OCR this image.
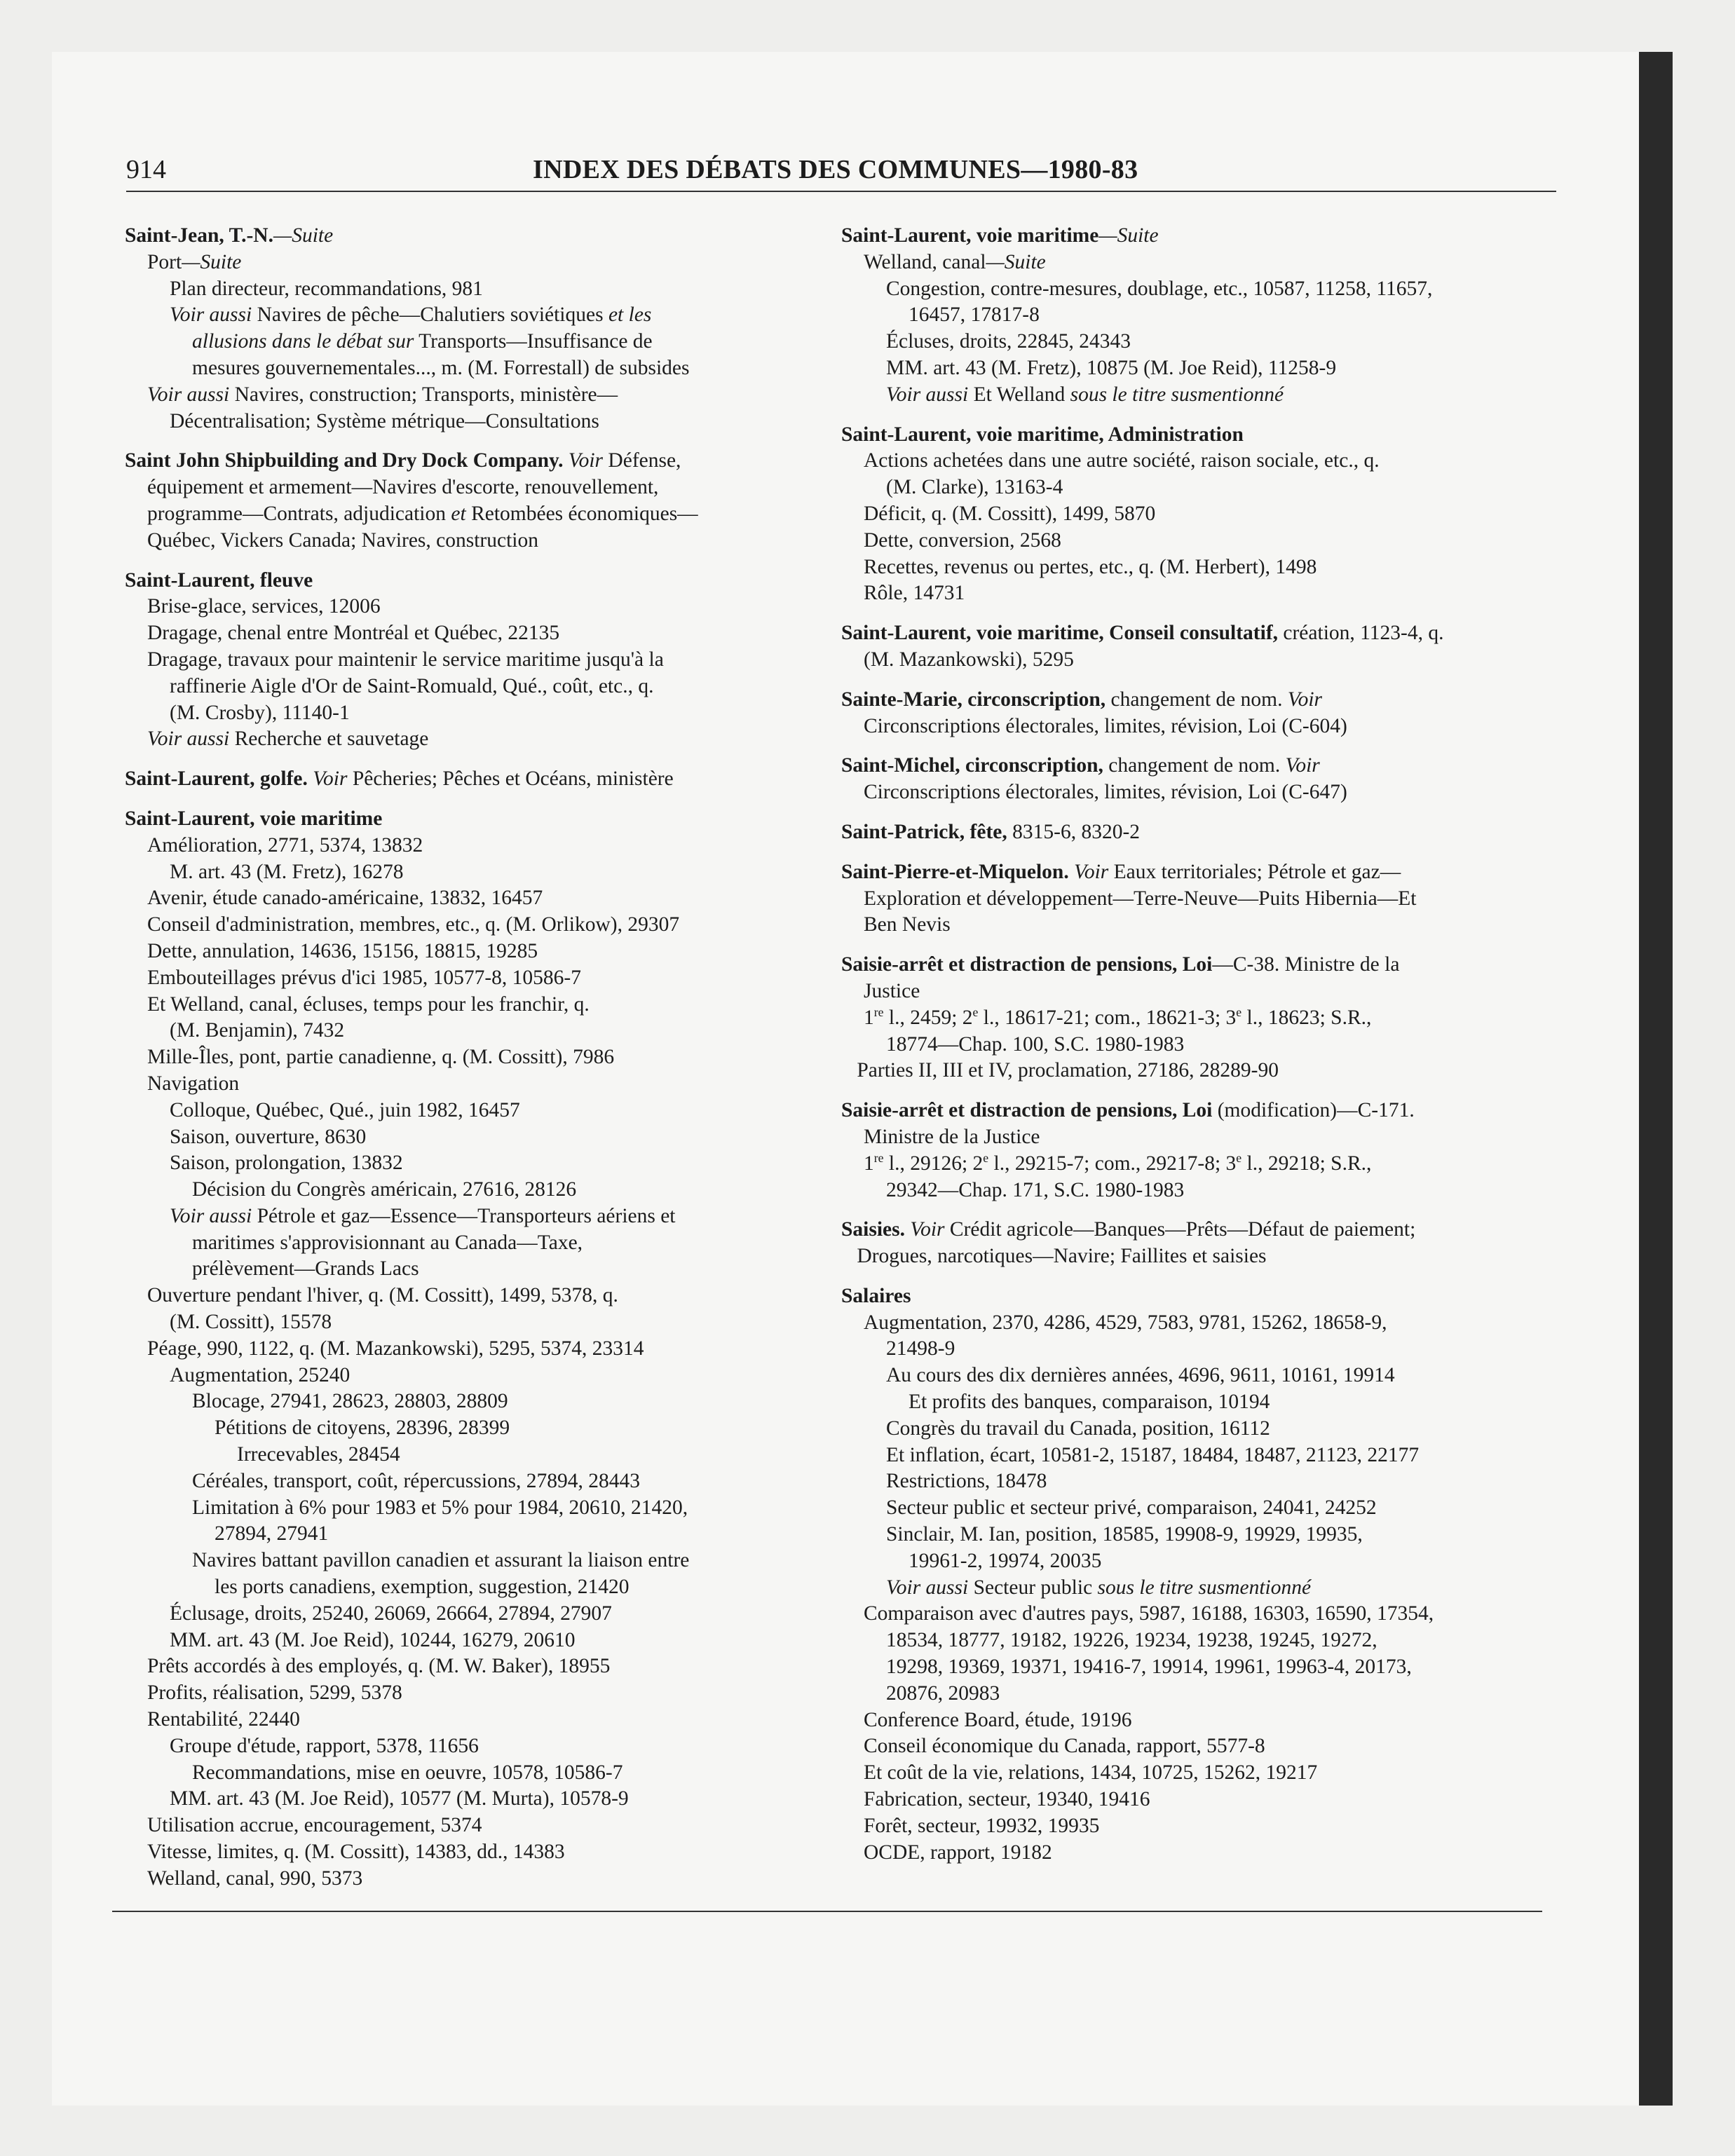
914	INDEX DES DÉBATS DES COMMUNES—1980-83
Saint-Jean, T.-N.—Suite
Port—Suite
Plan directeur, recommandations, 981
Voir aussi Navires de pêche—Chalutiers soviétiques et les
allusions dans le débat sur Transports—Insuffisance de
mesures gouvernementales..., m. (M. Forrestall) de subsides
Voir aussi Navires, construction; Transports, ministère—
Décentralisation; Système métrique—Consultations
Saint John Shipbuilding and Dry Dock Company. Voir Défense,
équipement et armement—Navires d'escorte, renouvellement,
programme—Contrats, adjudication et Retombées économiques—
Québec, Vickers Canada; Navires, construction
Saint-Laurent, fleuve
Brise-glace, services, 12006
Dragage, chenal entre Montréal et Québec, 22135
Dragage, travaux pour maintenir le service maritime jusqu'à la
raffinerie Aigle d'Or de Saint-Romuald, Qué., coût, etc., q.
(M. Crosby), 11140-1
Voir aussi Recherche et sauvetage
Saint-Laurent, golfe. Voir Pêcheries; Pêches et Océans, ministère
Saint-Laurent, voie maritime
Amélioration, 2771, 5374, 13832
M. art. 43 (M. Fretz), 16278
Avenir, étude canado-américaine, 13832, 16457
Conseil d'administration, membres, etc., q. (M. Orlikow), 29307
Dette, annulation, 14636, 15156, 18815, 19285
Embouteillages prévus d'ici 1985, 10577-8, 10586-7
Et Welland, canal, écluses, temps pour les franchir, q.
(M. Benjamin), 7432
Mille-Îles, pont, partie canadienne, q. (M. Cossitt), 7986
Navigation
Colloque, Québec, Qué., juin 1982, 16457
Saison, ouverture, 8630
Saison, prolongation, 13832
Décision du Congrès américain, 27616, 28126
Voir aussi Pétrole et gaz—Essence—Transporteurs aériens et
maritimes s'approvisionnant au Canada—Taxe,
prélèvement—Grands Lacs
Ouverture pendant l'hiver, q. (M. Cossitt), 1499, 5378, q.
(M. Cossitt), 15578
Péage, 990, 1122, q. (M. Mazankowski), 5295, 5374, 23314
Augmentation, 25240
Blocage, 27941, 28623, 28803, 28809
Pétitions de citoyens, 28396, 28399
Irrecevables, 28454
Céréales, transport, coût, répercussions, 27894, 28443
Limitation à 6% pour 1983 et 5% pour 1984, 20610, 21420,
27894, 27941
Navires battant pavillon canadien et assurant la liaison entre
les ports canadiens, exemption, suggestion, 21420
Éclusage, droits, 25240, 26069, 26664, 27894, 27907
MM. art. 43 (M. Joe Reid), 10244, 16279, 20610
Prêts accordés à des employés, q. (M. W. Baker), 18955
Profits, réalisation, 5299, 5378
Rentabilité, 22440
Groupe d'étude, rapport, 5378, 11656
Recommandations, mise en oeuvre, 10578, 10586-7
MM. art. 43 (M. Joe Reid), 10577 (M. Murta), 10578-9
Utilisation accrue, encouragement, 5374
Vitesse, limites, q. (M. Cossitt), 14383, dd., 14383
Welland, canal, 990, 5373
Saint-Laurent, voie maritime—Suite
Welland, canal—Suite
Congestion, contre-mesures, doublage, etc., 10587, 11258, 11657,
16457, 17817-8
Écluses, droits, 22845, 24343
MM. art. 43 (M. Fretz), 10875 (M. Joe Reid), 11258-9
Voir aussi Et Welland sous le titre susmentionné
Saint-Laurent, voie maritime, Administration
Actions achetées dans une autre société, raison sociale, etc., q.
(M. Clarke), 13163-4
Déficit, q. (M. Cossitt), 1499, 5870
Dette, conversion, 2568
Recettes, revenus ou pertes, etc., q. (M. Herbert), 1498
Rôle, 14731
Saint-Laurent, voie maritime, Conseil consultatif, création, 1123-4, q.
(M. Mazankowski), 5295
Sainte-Marie, circonscription, changement de nom. Voir
Circonscriptions électorales, limites, révision, Loi (C-604)
Saint-Michel, circonscription, changement de nom. Voir
Circonscriptions électorales, limites, révision, Loi (C-647)
Saint-Patrick, fête, 8315-6, 8320-2
Saint-Pierre-et-Miquelon. Voir Eaux territoriales; Pétrole et gaz—
Exploration et développement—Terre-Neuve—Puits Hibernia—Et
Ben Nevis
Saisie-arrêt et distraction de pensions, Loi—C-38. Ministre de la
Justice
1re l., 2459; 2e l., 18617-21; com., 18621-3; 3e l., 18623; S.R.,
18774—Chap. 100, S.C. 1980-1983
Parties II, III et IV, proclamation, 27186, 28289-90
Saisie-arrêt et distraction de pensions, Loi (modification)—C-171.
Ministre de la Justice
1re l., 29126; 2e l., 29215-7; com., 29217-8; 3e l., 29218; S.R.,
29342—Chap. 171, S.C. 1980-1983
Saisies. Voir Crédit agricole—Banques—Prêts—Défaut de paiement;
Drogues, narcotiques—Navire; Faillites et saisies
Salaires
Augmentation, 2370, 4286, 4529, 7583, 9781, 15262, 18658-9,
21498-9
Au cours des dix dernières années, 4696, 9611, 10161, 19914
Et profits des banques, comparaison, 10194
Congrès du travail du Canada, position, 16112
Et inflation, écart, 10581-2, 15187, 18484, 18487, 21123, 22177
Restrictions, 18478
Secteur public et secteur privé, comparaison, 24041, 24252
Sinclair, M. Ian, position, 18585, 19908-9, 19929, 19935,
19961-2, 19974, 20035
Voir aussi Secteur public sous le titre susmentionné
Comparaison avec d'autres pays, 5987, 16188, 16303, 16590, 17354,
18534, 18777, 19182, 19226, 19234, 19238, 19245, 19272,
19298, 19369, 19371, 19416-7, 19914, 19961, 19963-4, 20173,
20876, 20983
Conference Board, étude, 19196
Conseil économique du Canada, rapport, 5577-8
Et coût de la vie, relations, 1434, 10725, 15262, 19217
Fabrication, secteur, 19340, 19416
Forêt, secteur, 19932, 19935
OCDE, rapport, 19182
